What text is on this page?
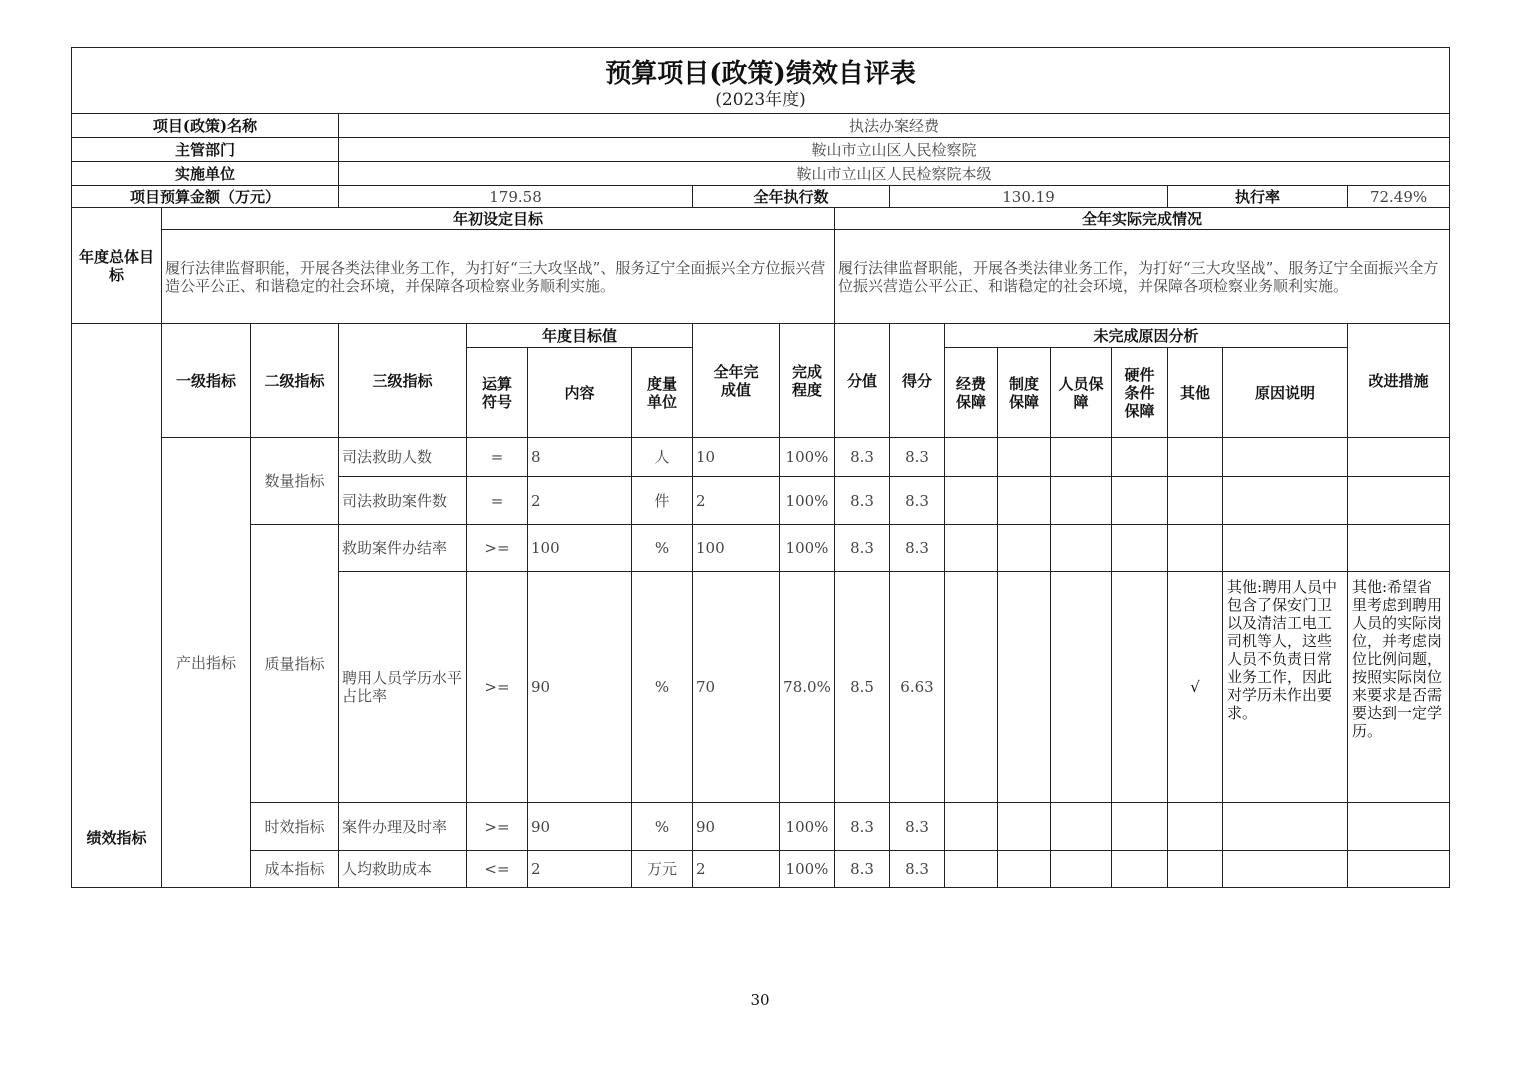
预算项目(政策)绩效自评表
(2023年度)																	

项目(政策)名称			执法办案经费														
主管部门			鞍山市立山区人民检察院														
实施单位			鞍山市立山区人民检察院本级														
项目预算金额（万元）			179.58				全年执行数			130.19					执行率		72.49%
年度总体目标	年初设定目标								全年实际完成情况								
	履行法律监督职能，开展各类法律业务工作，为打好“三大攻坚战”、服务辽宁全面振兴全方位振兴营造公平公正、和谐稳定的社会环境，并保障各项检察业务顺利实施。								履行法律监督职能，开展各类法律业务工作，为打好“三大攻坚战”、服务辽宁全面振兴全方位振兴营造公平公正、和谐稳定的社会环境，并保障各项检察业务顺利实施。								
绩效指标	一级指标	二级指标	三级指标	年度目标值			全年完成值	完成程度	分值	得分	未完成原因分析						改进措施
				运算符号	内容	度量单位					经费保障	制度保障	人员保障	硬件条件保障	其他	原因说明	
	产出指标	数量指标	司法救助人数	=	8	人	10	100%	8.3	8.3							
			司法救助案件数	=	2	件	2	100%	8.3	8.3							
		质量指标	救助案件办结率	>=	100	%	100	100%	8.3	8.3							
			聘用人员学历水平占比率	>=	90	%	70	78.0%	8.5	6.63					√	其他:聘用人员中包含了保安门卫以及清洁工电工司机等人，这些人员不负责日常业务工作，因此对学历未作出要求。	其他:希望省里考虑到聘用人员的实际岗位，并考虑岗位比例问题，按照实际岗位来要求是否需要达到一定学历。
		时效指标	案件办理及时率	>=	90	%	90	100%	8.3	8.3							
		成本指标	人均救助成本	<=	2	万元	2	100%	8.3	8.3							
30
